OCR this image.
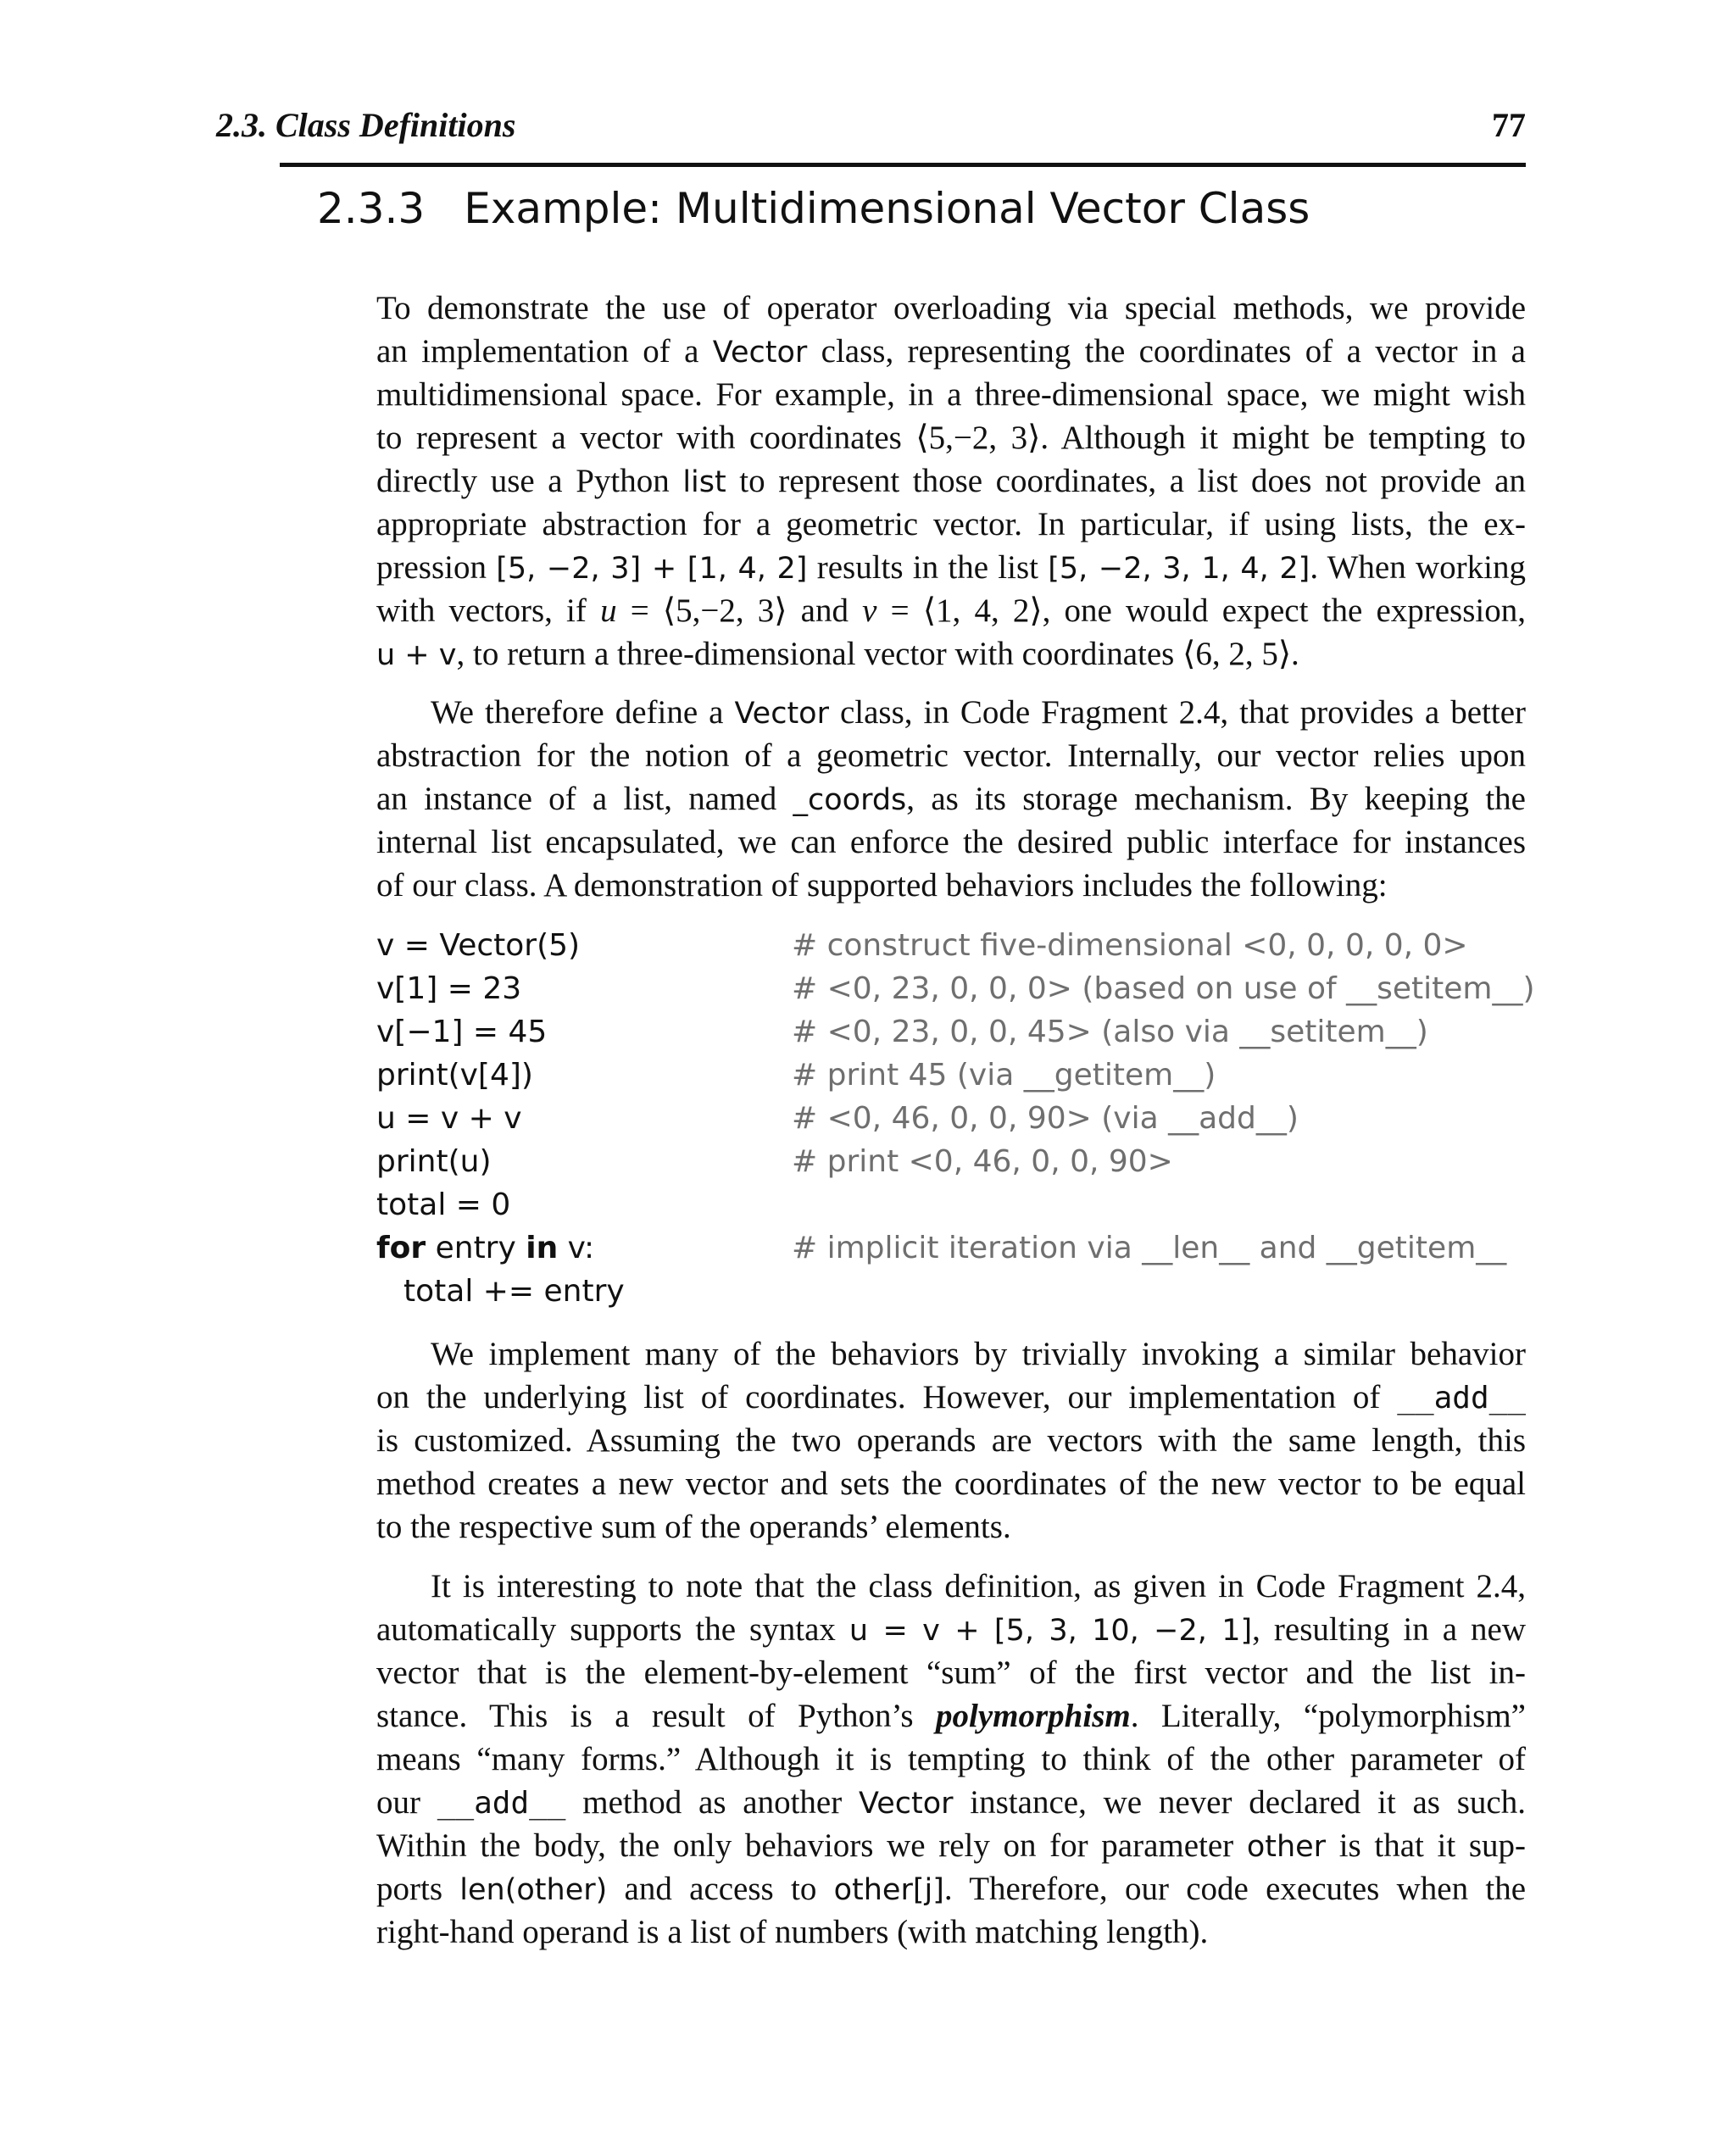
2.3. Class Definitions	77
2.3.3 Example: Multidimensional Vector Class
To demonstrate the use of operator overloading via special methods, we provide
an implementation of a Vector class, representing the coordinates of a vector in a
multidimensional space. For example, in a three-dimensional space, we might wish
to represent a vector with coordinates ⟨5,−2, 3⟩. Although it might be tempting to
directly use a Python list to represent those coordinates, a list does not provide an
appropriate abstraction for a geometric vector. In particular, if using lists, the ex-
pression [5, −2, 3] + [1, 4, 2] results in the list [5, −2, 3, 1, 4, 2]. When working
with vectors, if u = ⟨5,−2, 3⟩ and v = ⟨1, 4, 2⟩, one would expect the expression,
u + v, to return a three-dimensional vector with coordinates ⟨6, 2, 5⟩.
We therefore define a Vector class, in Code Fragment 2.4, that provides a better
abstraction for the notion of a geometric vector. Internally, our vector relies upon
an instance of a list, named _coords, as its storage mechanism. By keeping the
internal list encapsulated, we can enforce the desired public interface for instances
of our class. A demonstration of supported behaviors includes the following:
v = Vector(5)	# construct five-dimensional <0, 0, 0, 0, 0>
v[1] = 23	# <0, 23, 0, 0, 0> (based on use of __setitem__)
v[−1] = 45	# <0, 23, 0, 0, 45> (also via __setitem__)
print(v[4])	# print 45 (via __getitem__)
u = v + v	# <0, 46, 0, 0, 90> (via __add__)
print(u)	# print <0, 46, 0, 0, 90>
total = 0
for entry in v:	# implicit iteration via __len__ and __getitem__
total += entry
We implement many of the behaviors by trivially invoking a similar behavior
on the underlying list of coordinates. However, our implementation of __add__
is customized. Assuming the two operands are vectors with the same length, this
method creates a new vector and sets the coordinates of the new vector to be equal
to the respective sum of the operands’ elements.
It is interesting to note that the class definition, as given in Code Fragment 2.4,
automatically supports the syntax u = v + [5, 3, 10, −2, 1], resulting in a new
vector that is the element-by-element “sum” of the first vector and the list in-
stance. This is a result of Python’s polymorphism. Literally, “polymorphism”
means “many forms.” Although it is tempting to think of the other parameter of
our __add__ method as another Vector instance, we never declared it as such.
Within the body, the only behaviors we rely on for parameter other is that it sup-
ports len(other) and access to other[j]. Therefore, our code executes when the
right-hand operand is a list of numbers (with matching length).
